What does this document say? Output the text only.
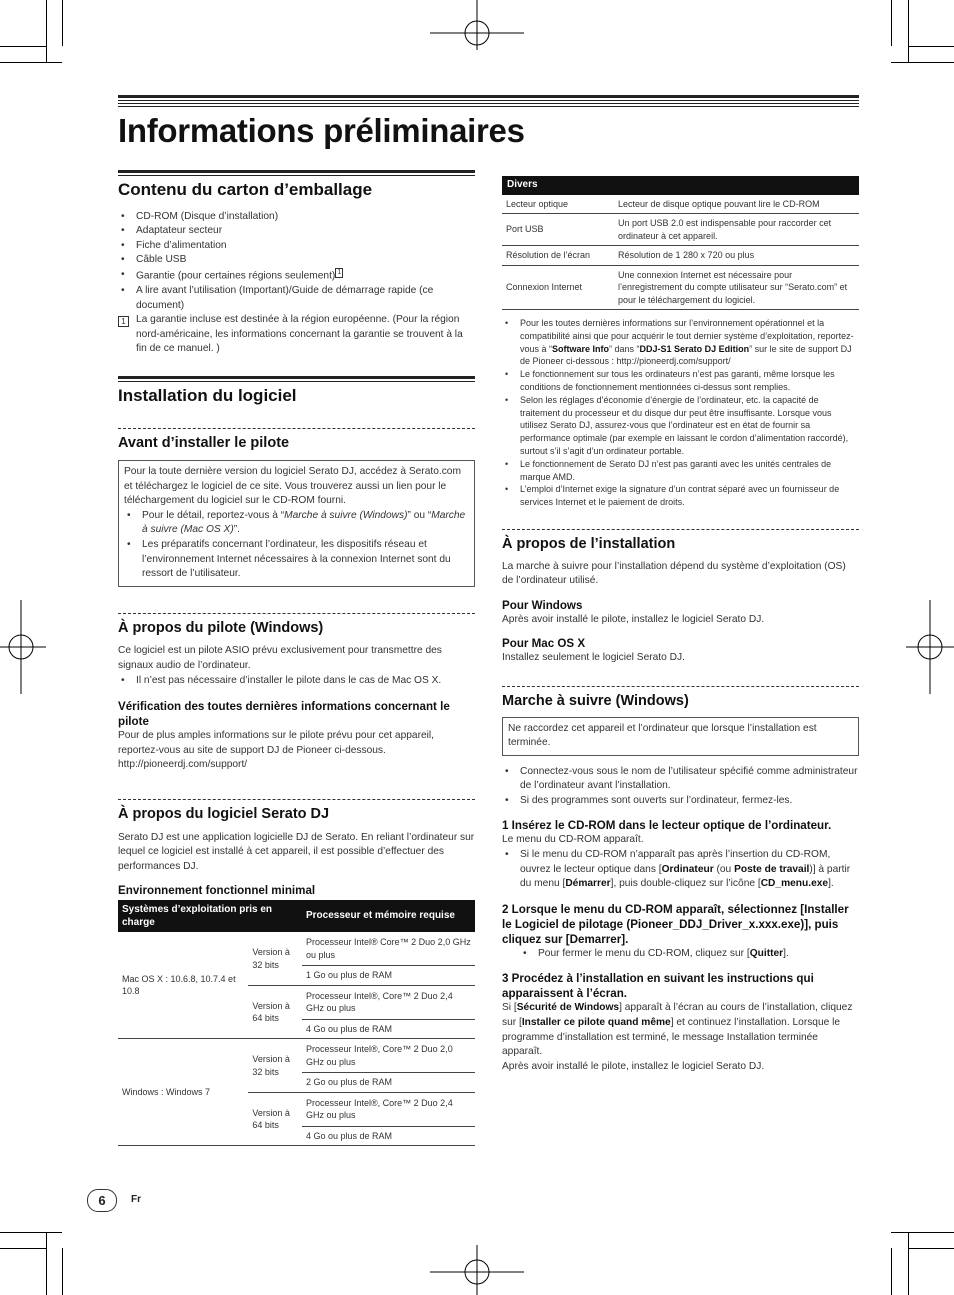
Informations préliminaires
Contenu du carton d’emballage
• CD-ROM (Disque d’installation)
• Adaptateur secteur
• Fiche d’alimentation
• Câble USB
• Garantie (pour certaines régions seulement) 1
• A lire avant l’utilisation (Important)/Guide de démarrage rapide (ce document)
1	La garantie incluse est destinée à la région européenne. (Pour la région nord-américaine, les informations concernant la garantie se trouvent à la fin de ce manuel. )
Installation du logiciel
Avant d’installer le pilote
Pour la toute dernière version du logiciel Serato DJ, accédez à Serato.com et téléchargez le logiciel de ce site. Vous trouverez aussi un lien pour le téléchargement du logiciel sur le CD-ROM fourni.
• Pour le détail, reportez-vous à “Marche à suivre (Windows)” ou “Marche à suivre (Mac OS X)”.
• Les préparatifs concernant l’ordinateur, les dispositifs réseau et l’environnement Internet nécessaires à la connexion Internet sont du ressort de l’utilisateur.
À propos du pilote (Windows)
Ce logiciel est un pilote ASIO prévu exclusivement pour transmettre des signaux audio de l’ordinateur.
• Il n’est pas nécessaire d’installer le pilote dans le cas de Mac OS X.
Vérification des toutes dernières informations concernant le pilote
Pour de plus amples informations sur le pilote prévu pour cet appareil, reportez-vous au site de support DJ de Pioneer ci-dessous.
http://pioneerdj.com/support/
À propos du logiciel Serato DJ
Serato DJ est une application logicielle DJ de Serato. En reliant l’ordinateur sur lequel ce logiciel est installé à cet appareil, il est possible d’effectuer des performances DJ.
Environnement fonctionnel minimal
Systèmes d’exploitation pris en charge		Processeur et mémoire requise
Mac OS X : 10.6.8, 10.7.4 et 10.8	Version à 32 bits	Processeur Intel® Core™ 2 Duo 2,0 GHz ou plus
		1 Go ou plus de RAM
	Version à 64 bits	Processeur Intel®, Core™ 2 Duo 2,4 GHz ou plus
		4 Go ou plus de RAM
Windows : Windows 7	Version à 32 bits	Processeur Intel®, Core™ 2 Duo 2,0 GHz ou plus
		2 Go ou plus de RAM
	Version à 64 bits	Processeur Intel®, Core™ 2 Duo 2,4 GHz ou plus
		4 Go ou plus de RAM
Divers	
Lecteur optique	Lecteur de disque optique pouvant lire le CD-ROM
Port USB	Un port USB 2.0 est indispensable pour raccorder cet ordinateur à cet appareil.
Résolution de l’écran	Résolution de 1 280 x 720 ou plus
Connexion Internet	Une connexion Internet est nécessaire pour l’enregistrement du compte utilisateur sur “Serato.com” et pour le téléchargement du logiciel.
• Pour les toutes dernières informations sur l’environnement opérationnel et la compatibilité ainsi que pour acquérir le tout dernier système d’exploitation, reportez-vous à “Software Info” dans “DDJ-S1 Serato DJ Edition” sur le site de support DJ de Pioneer ci-dessous : http://pioneerdj.com/support/
• Le fonctionnement sur tous les ordinateurs n’est pas garanti, même lorsque les conditions de fonctionnement mentionnées ci-dessus sont remplies.
• Selon les réglages d’économie d’énergie de l’ordinateur, etc. la capacité de traitement du processeur et du disque dur peut être insuffisante. Lorsque vous utilisez Serato DJ, assurez-vous que l’ordinateur est en état de fournir sa performance optimale (par exemple en laissant le cordon d’alimentation raccordé), surtout s’il s’agit d’un ordinateur portable.
• Le fonctionnement de Serato DJ n’est pas garanti avec les unités centrales de marque AMD.
• L’emploi d’Internet exige la signature d’un contrat séparé avec un fournisseur de services Internet et le paiement de droits.
À propos de l’installation
La marche à suivre pour l’installation dépend du système d’exploitation (OS) de l’ordinateur utilisé.
Pour Windows
Après avoir installé le pilote, installez le logiciel Serato DJ.
Pour Mac OS X
Installez seulement le logiciel Serato DJ.
Marche à suivre (Windows)
Ne raccordez cet appareil et l’ordinateur que lorsque l’installation est terminée.
• Connectez-vous sous le nom de l’utilisateur spécifié comme administrateur de l’ordinateur avant l’installation.
• Si des programmes sont ouverts sur l’ordinateur, fermez-les.
1 Insérez le CD-ROM dans le lecteur optique de l’ordinateur.
Le menu du CD-ROM apparaît.
• Si le menu du CD-ROM n’apparaît pas après l’insertion du CD-ROM, ouvrez le lecteur optique dans [Ordinateur (ou Poste de travail)] à partir du menu [Démarrer], puis double-cliquez sur l’icône [CD_menu.exe].
2 Lorsque le menu du CD-ROM apparaît, sélectionnez [Installer le Logiciel de pilotage (Pioneer_DDJ_Driver_x.xxx.exe)], puis cliquez sur [Demarrer].
• Pour fermer le menu du CD-ROM, cliquez sur [Quitter].
3 Procédez à l’installation en suivant les instructions qui apparaissent à l’écran.
Si [Sécurité de Windows] apparaît à l’écran au cours de l’installation, cliquez sur [Installer ce pilote quand même] et continuez l’installation. Lorsque le programme d’installation est terminé, le message Installation terminée apparaît.
Après avoir installé le pilote, installez le logiciel Serato DJ.
6	Fr
